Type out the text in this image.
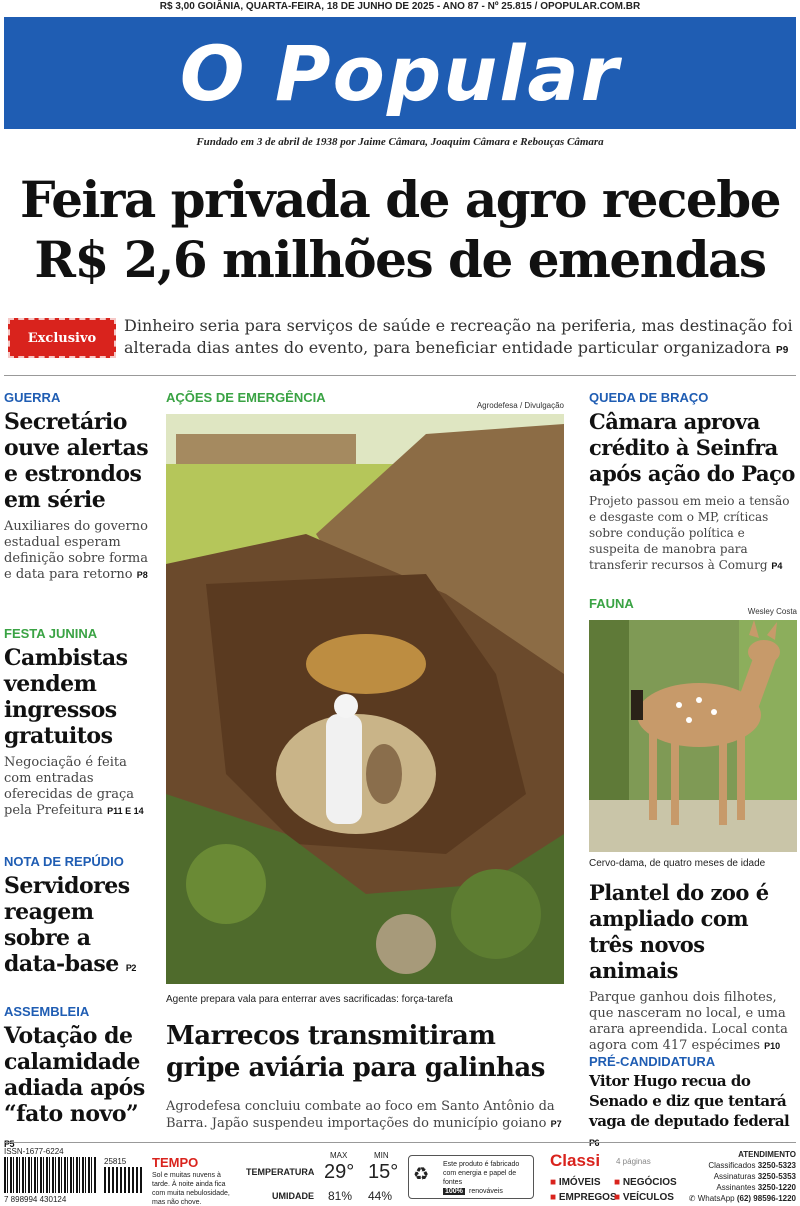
R$ 3,00 GOIÂNIA, QUARTA-FEIRA, 18 DE JUNHO DE 2025 - ANO 87 - Nº 25.815 / OPOPULAR.COM.BR
O Popular
Fundado em 3 de abril de 1938 por Jaime Câmara, Joaquim Câmara e Rebouças Câmara
Feira privada de agro recebe
R$ 2,6 milhões de emendas
Exclusivo
Dinheiro seria para serviços de saúde e recreação na periferia, mas destinação foi alterada dias antes do evento, para beneficiar entidade particular organizadora P9
GUERRA
Secretário ouve alertas e estrondos em série
Auxiliares do governo estadual esperam definição sobre forma e data para retorno P8
FESTA JUNINA
Cambistas vendem ingressos gratuitos
Negociação é feita com entradas oferecidas de graça pela Prefeitura P11 E 14
NOTA DE REPÚDIO
Servidores reagem sobre a data-base P2
ASSEMBLEIA
Votação de calamidade adiada após “fato novo” P5
AÇÕES DE EMERGÊNCIA
Agrodefesa / Divulgação
Agente prepara vala para enterrar aves sacrificadas: força-tarefa
Marrecos transmitiram gripe aviária para galinhas
Agrodefesa concluiu combate ao foco em Santo Antônio da Barra. Japão suspendeu importações do município goiano P7
QUEDA DE BRAÇO
Câmara aprova crédito à Seinfra após ação do Paço
Projeto passou em meio a tensão e desgaste com o MP, críticas sobre condução política e suspeita de manobra para transferir recursos à Comurg P4
FAUNA
Wesley Costa
Cervo-dama, de quatro meses de idade
Plantel do zoo é ampliado com três novos animais
Parque ganhou dois filhotes, que nasceram no local, e uma arara apreendida. Local conta agora com 417 espécimes P10
PRÉ-CANDIDATURA
Vitor Hugo recua do Senado e diz que tentará vaga de deputado federal P6
ISSN-1677-6224
7 898994 430124
25815 TEMPO
Sol e muitas nuvens à tarde. À noite ainda fica com muita nebulosidade, mas não chove.
TEMPERATURA
UMIDADE
MAX	MIN
29° 15°
81% 44%
♻ Este produto é fabricado com energia e papel de fontes
100% renováveis
Classi 4 páginas
■ IMÓVEIS
■ EMPREGOS
■ NEGÓCIOS
■ VEÍCULOS
ATENDIMENTO
Classificados 3250-5323
Assinaturas 3250-5353
Assinantes 3250-1220
✆ WhatsApp (62) 98596-1220
